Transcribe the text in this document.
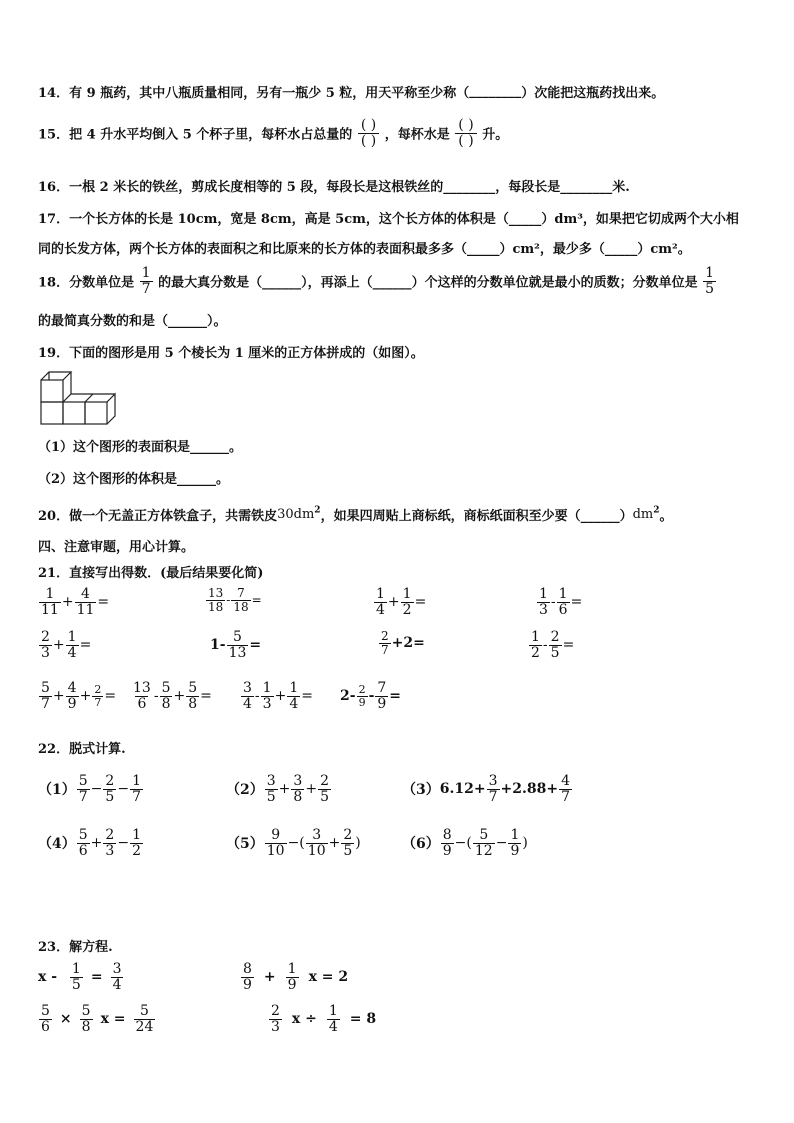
14．有 9 瓶药，其中八瓶质量相同，另有一瓶少 5 粒，用天平称至少称（________）次能把这瓶药找出来。
15．把 4 升水平均倒入 5 个杯子里，每杯水占总量的 $\frac{( )}{( )}$ ，每杯水是 $\frac{( )}{( )}$ 升。
16．一根 2 米长的铁丝，剪成长度相等的 5 段，每段长是这根铁丝的________，每段长是________米.
17．一个长方体的长是 10cm，宽是 8cm，高是 5cm，这个长方体的体积是（_____）dm³，如果把它切成两个大小相
同的长发方体，两个长方体的表面积之和比原来的长方体的表面积最多多（_____）cm²，最少多（_____）cm²。
18．分数单位是 $\frac{1}{7}$ 的最大真分数是（______），再添上（______）个这样的分数单位就是最小的质数；分数单位是 $\frac{1}{5}$
的最简真分数的和是（______）。
19．下面的图形是用 5 个棱长为 1 厘米的正方体拼成的（如图）。
（1）这个图形的表面积是______。
（2）这个图形的体积是______。
20．做一个无盖正方体铁盒子，共需铁皮$30dm^2$，如果四周贴上商标纸，商标纸面积至少要$(\_\_\_\_\_\_)dm^2$。
四、注意审题，用心计算。
21．直接写出得数．(最后结果要化简)
$\frac{1}{11} + \frac{4}{11}$ =	$\frac{13}{18} - \frac{7}{18}$ =	$\frac{1}{4} + \frac{1}{2}$ =	$\frac{1}{3} - \frac{1}{6}$ =
$\frac{2}{3} + \frac{1}{4}$ =	$1- \frac{5}{13}$ =	$\frac{2}{7} +2=$	$\frac{1}{2} - \frac{2}{5}$ =
$\frac{5}{7} + \frac{4}{9} + \frac{2}{7} = \frac{13}{6} - \frac{5}{8} + \frac{5}{8} = \frac{3}{4} - \frac{1}{3} + \frac{1}{4} = 2- \frac{2}{9} - \frac{7}{9}$ =
22．脱式计算.
$(1) \frac{5}{7} - \frac{2}{5} - \frac{1}{7}$	$(2) \frac{3}{5} + \frac{3}{8} + \frac{2}{5}$	$(3)6.12+ \frac{3}{7} +2.88+ \frac{4}{7}$
$(4) \frac{5}{6} + \frac{2}{3} - \frac{1}{2}$	$(5) \frac{9}{10}$ −( $\frac{3}{10} + \frac{2}{5}$ )	$(6) \frac{8}{9}$ −( $\frac{5}{12} - \frac{1}{9}$ )
23．解方程.
$x - \frac{1}{5} = \frac{3}{4}$	$\frac{8}{9} + \frac{1}{9}$ x = 2
$\frac{5}{6} \times \frac{5}{8}$ $x = \frac{5}{24}$	$\frac{2}{3}$ $x \div \frac{1}{4} = 8$
